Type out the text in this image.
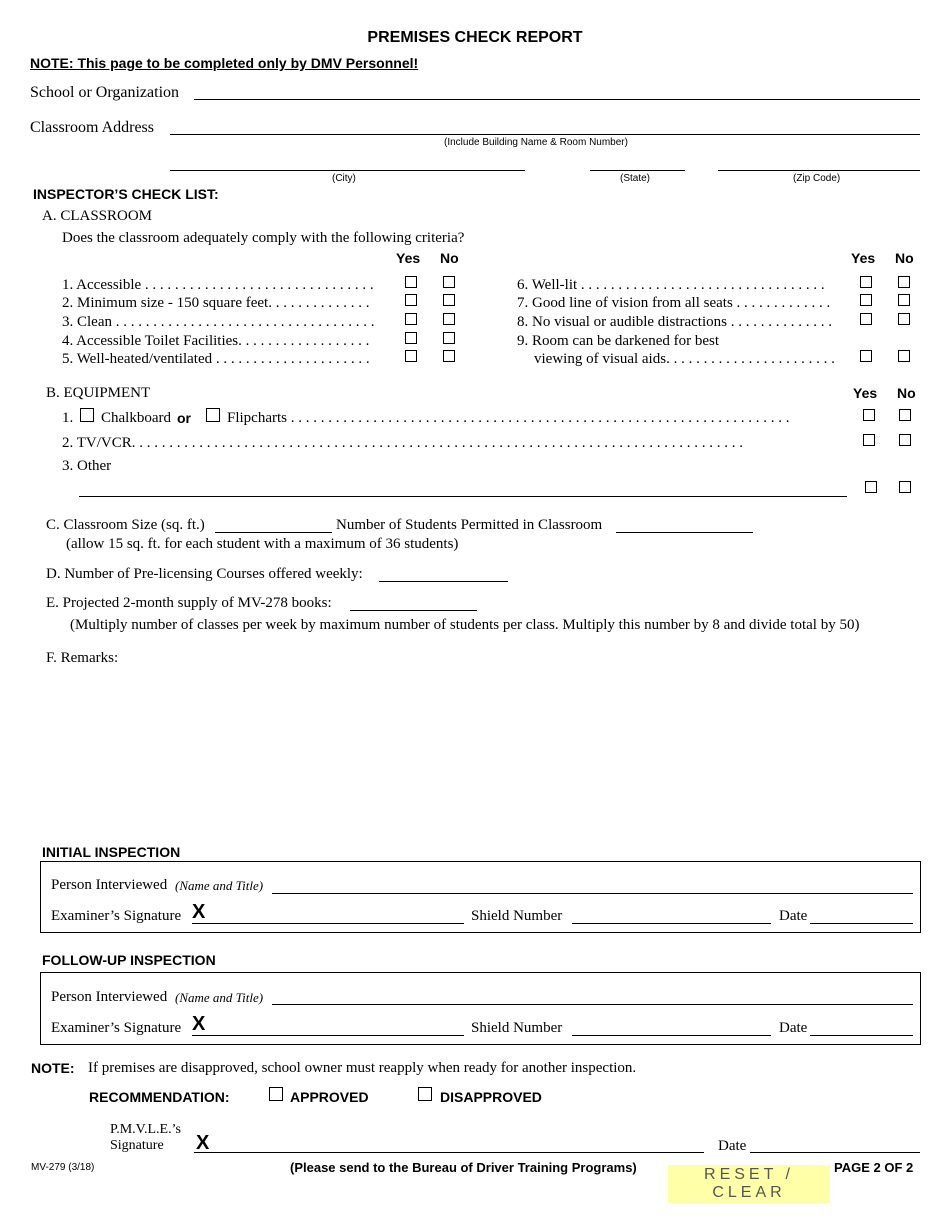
PREMISES CHECK REPORT
NOTE: This page to be completed only by DMV Personnel!
School or Organization
Classroom Address
(Include Building Name & Room Number)
(City)	(State)	(Zip Code)
INSPECTOR’S CHECK LIST:
A. CLASSROOM
Does the classroom adequately comply with the following criteria?
Yes No	Yes No
1. Accessible . . . . . . . . . . . . . . . . . . . . . . . . . . . . . . .
2. Minimum size - 150 square feet. . . . . . . . . . . . . .
3. Clean . . . . . . . . . . . . . . . . . . . . . . . . . . . . . . . . . . .
4. Accessible Toilet Facilities. . . . . . . . . . . . . . . . . .
5. Well-heated/ventilated . . . . . . . . . . . . . . . . . . . . .
6. Well-lit . . . . . . . . . . . . . . . . . . . . . . . . . . . . . . . . .
7. Good line of vision from all seats . . . . . . . . . . . . .
8. No visual or audible distractions . . . . . . . . . . . . . .
9. Room can be darkened for best
viewing of visual aids. . . . . . . . . . . . . . . . . . . . . . .
B. EQUIPMENT	Yes No
1. Chalkboard or Flipcharts . . . . . . . . . . . . . . . . . . . . . . . . . . . . . . . . . . . . . . . . . . . . . . . . . . . . . . . . . . . . . . . . . . .
2. TV/VCR. . . . . . . . . . . . . . . . . . . . . . . . . . . . . . . . . . . . . . . . . . . . . . . . . . . . . . . . . . . . . . . . . . . . . . . . . . . . . . . . . .
3. Other
C. Classroom Size (sq. ft.)	Number of Students Permitted in Classroom
(allow 15 sq. ft. for each student with a maximum of 36 students)
D. Number of Pre-licensing Courses offered weekly:
E. Projected 2-month supply of MV-278 books:
(Multiply number of classes per week by maximum number of students per class. Multiply this number by 8 and divide total by 50)
F. Remarks:
INITIAL INSPECTION
Person Interviewed (Name and Title)
Examiner’s Signature X	Shield Number	Date
FOLLOW-UP INSPECTION
Person Interviewed (Name and Title)
Examiner’s Signature X	Shield Number	Date
NOTE: If premises are disapproved, school owner must reapply when ready for another inspection.
RECOMMENDATION:	APPROVED	DISAPPROVED
P.M.V.L.E.’s
Signature X	Date
MV-279 (3/18)	(Please send to the Bureau of Driver Training Programs)	PAGE 2 OF 2
RESET / CLEAR
